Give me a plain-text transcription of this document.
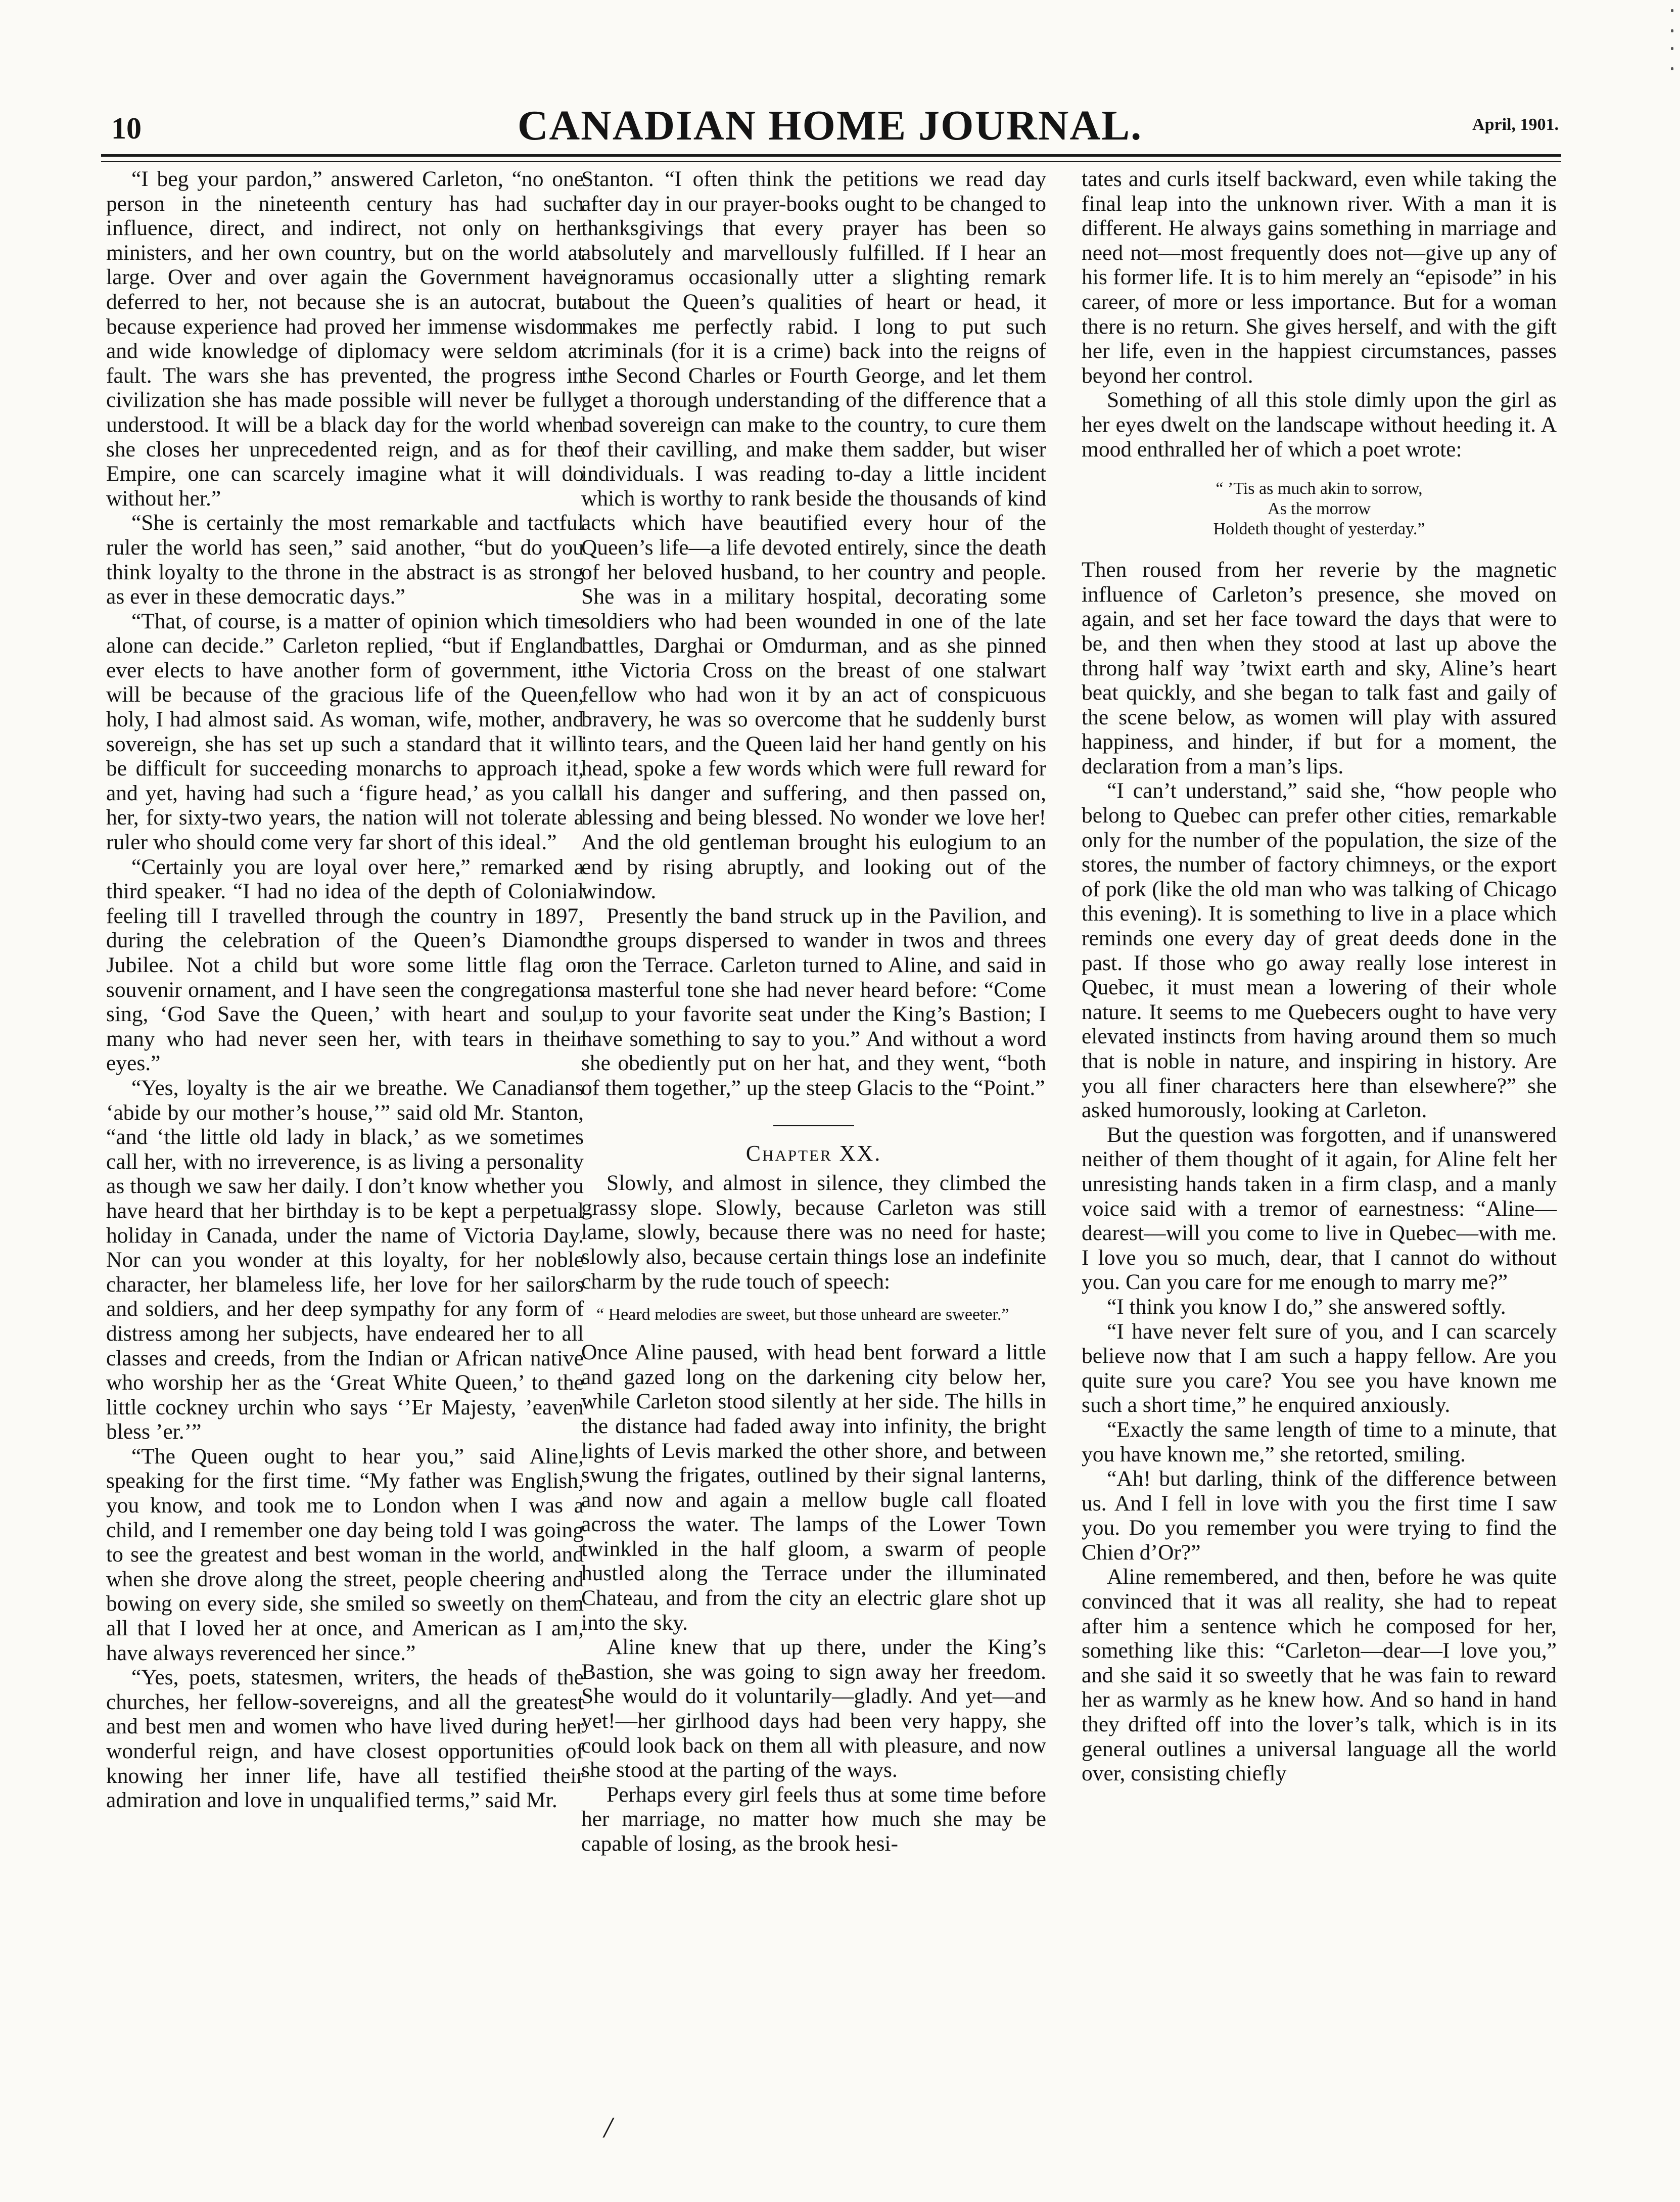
10	CANADIAN HOME JOURNAL.	April, 1901.

“I beg your pardon,” answered Carleton, “no one person in the nineteenth century has had such influence, direct, and indirect, not only on her ministers, and her own country, but on the world at large. Over and over again the Government have deferred to her, not because she is an autocrat, but because experience had proved her immense wisdom and wide knowledge of diplomacy were seldom at fault. The wars she has prevented, the progress in civilization she has made possible will never be fully understood. It will be a black day for the world when she closes her unprecedented reign, and as for the Empire, one can scarcely imagine what it will do without her.”

“She is certainly the most remarkable and tactful ruler the world has seen,” said another, “but do you think loyalty to the throne in the abstract is as strong as ever in these democratic days.”

“That, of course, is a matter of opinion which time alone can decide.” Carleton replied, “but if England ever elects to have another form of government, it will be because of the gracious life of the Queen, holy, I had almost said. As woman, wife, mother, and sovereign, she has set up such a standard that it will be difficult for succeeding monarchs to approach it, and yet, having had such a ‘figure head,’ as you call her, for sixty-two years, the nation will not tolerate a ruler who should come very far short of this ideal.”

“Certainly you are loyal over here,” remarked a third speaker. “I had no idea of the depth of Colonial feeling till I travelled through the country in 1897, during the celebration of the Queen’s Diamond Jubilee. Not a child but wore some little flag or souvenir ornament, and I have seen the congregations sing, ‘God Save the Queen,’ with heart and soul, many who had never seen her, with tears in their eyes.”

“Yes, loyalty is the air we breathe. We Canadians ‘abide by our mother’s house,’” said old Mr. Stanton, “and ‘the little old lady in black,’ as we sometimes call her, with no irreverence, is as living a personality as though we saw her daily. I don’t know whether you have heard that her birthday is to be kept a perpetual holiday in Canada, under the name of Victoria Day. Nor can you wonder at this loyalty, for her noble character, her blameless life, her love for her sailors and soldiers, and her deep sympathy for any form of distress among her subjects, have endeared her to all classes and creeds, from the Indian or African native who worship her as the ‘Great White Queen,’ to the little cockney urchin who says ‘’Er Majesty, ’eaven bless ’er.’”

“The Queen ought to hear you,” said Aline, speaking for the first time. “My father was English, you know, and took me to London when I was a child, and I remember one day being told I was going to see the greatest and best woman in the world, and when she drove along the street, people cheering and bowing on every side, she smiled so sweetly on them all that I loved her at once, and American as I am, have always reverenced her since.”

“Yes, poets, statesmen, writers, the heads of the churches, her fellow-sovereigns, and all the greatest and best men and women who have lived during her wonderful reign, and have closest opportunities of knowing her inner life, have all testified their admiration and love in unqualified terms,” said Mr.

Stanton. “I often think the petitions we read day after day in our prayer-books ought to be changed to thanksgivings that every prayer has been so absolutely and marvellously fulfilled. If I hear an ignoramus occasionally utter a slighting remark about the Queen’s qualities of heart or head, it makes me perfectly rabid. I long to put such criminals (for it is a crime) back into the reigns of the Second Charles or Fourth George, and let them get a thorough understanding of the difference that a bad sovereign can make to the country, to cure them of their cavilling, and make them sadder, but wiser individuals. I was reading to-day a little incident which is worthy to rank beside the thousands of kind acts which have beautified every hour of the Queen’s life—a life devoted entirely, since the death of her beloved husband, to her country and people. She was in a military hospital, decorating some soldiers who had been wounded in one of the late battles, Darghai or Omdurman, and as she pinned the Victoria Cross on the breast of one stalwart fellow who had won it by an act of conspicuous bravery, he was so overcome that he suddenly burst into tears, and the Queen laid her hand gently on his head, spoke a few words which were full reward for all his danger and suffering, and then passed on, blessing and being blessed. No wonder we love her! And the old gentleman brought his eulogium to an end by rising abruptly, and looking out of the window.

Presently the band struck up in the Pavilion, and the groups dispersed to wander in twos and threes on the Terrace. Carleton turned to Aline, and said in a masterful tone she had never heard before: “Come up to your favorite seat under the King’s Bastion; I have something to say to you.” And without a word she obediently put on her hat, and they went, “both of them together,” up the steep Glacis to the “Point.”

Chapter XX.

Slowly, and almost in silence, they climbed the grassy slope. Slowly, because Carleton was still lame, slowly, because there was no need for haste; slowly also, because certain things lose an indefinite charm by the rude touch of speech:

“ Heard melodies are sweet, but those unheard are sweeter.”

Once Aline paused, with head bent forward a little and gazed long on the darkening city below her, while Carleton stood silently at her side. The hills in the distance had faded away into infinity, the bright lights of Levis marked the other shore, and between swung the frigates, outlined by their signal lanterns, and now and again a mellow bugle call floated across the water. The lamps of the Lower Town twinkled in the half gloom, a swarm of people hustled along the Terrace under the illuminated Chateau, and from the city an electric glare shot up into the sky.

Aline knew that up there, under the King’s Bastion, she was going to sign away her freedom. She would do it voluntarily—gladly. And yet—and yet!—her girlhood days had been very happy, she could look back on them all with pleasure, and now she stood at the parting of the ways.

Perhaps every girl feels thus at some time before her marriage, no matter how much she may be capable of losing, as the brook hesi-

tates and curls itself backward, even while taking the final leap into the unknown river. With a man it is different. He always gains something in marriage and need not—most frequently does not—give up any of his former life. It is to him merely an “episode” in his career, of more or less importance. But for a woman there is no return. She gives herself, and with the gift her life, even in the happiest circumstances, passes beyond her control.

Something of all this stole dimly upon the girl as her eyes dwelt on the landscape without heeding it. A mood enthralled her of which a poet wrote:

“ ’Tis as much akin to sorrow,
As the morrow
Holdeth thought of yesterday.”

Then roused from her reverie by the magnetic influence of Carleton’s presence, she moved on again, and set her face toward the days that were to be, and then when they stood at last up above the throng half way ’twixt earth and sky, Aline’s heart beat quickly, and she began to talk fast and gaily of the scene below, as women will play with assured happiness, and hinder, if but for a moment, the declaration from a man’s lips.

“I can’t understand,” said she, “how people who belong to Quebec can prefer other cities, remarkable only for the number of the population, the size of the stores, the number of factory chimneys, or the export of pork (like the old man who was talking of Chicago this evening). It is something to live in a place which reminds one every day of great deeds done in the past. If those who go away really lose interest in Quebec, it must mean a lowering of their whole nature. It seems to me Quebecers ought to have very elevated instincts from having around them so much that is noble in nature, and inspiring in history. Are you all finer characters here than elsewhere?” she asked humorously, looking at Carleton.

But the question was forgotten, and if unanswered neither of them thought of it again, for Aline felt her unresisting hands taken in a firm clasp, and a manly voice said with a tremor of earnestness: “Aline—dearest—will you come to live in Quebec—with me. I love you so much, dear, that I cannot do without you. Can you care for me enough to marry me?”

“I think you know I do,” she answered softly.

“I have never felt sure of you, and I can scarcely believe now that I am such a happy fellow. Are you quite sure you care? You see you have known me such a short time,” he enquired anxiously.

“Exactly the same length of time to a minute, that you have known me,” she retorted, smiling.

“Ah! but darling, think of the difference between us. And I fell in love with you the first time I saw you. Do you remember you were trying to find the Chien d’Or?”

Aline remembered, and then, before he was quite convinced that it was all reality, she had to repeat after him a sentence which he composed for her, something like this: “Carleton—dear—I love you,” and she said it so sweetly that he was fain to reward her as warmly as he knew how. And so hand in hand they drifted off into the lover’s talk, which is in its general outlines a universal language all the world over, consisting chiefly

/
